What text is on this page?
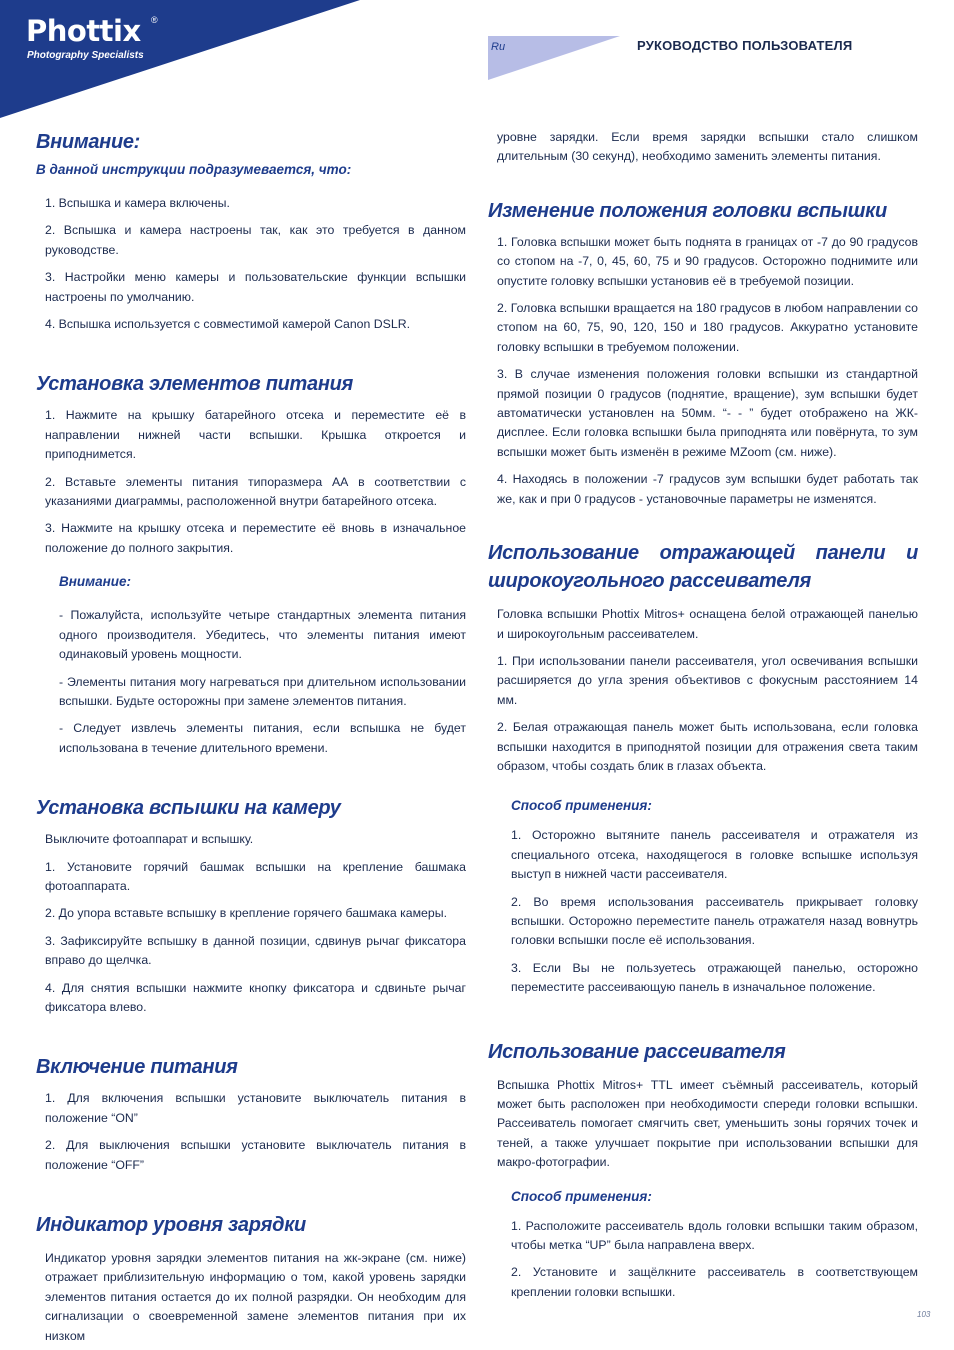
Phottix ®
Photography Specialists
Ru	РУКОВОДСТВО ПОЛЬЗОВАТЕЛЯ
Внимание:
В данной инструкции подразумевается, что:

1. Вспышка и камера включены.

2. Вспышка и камера настроены так, как это требуется в данном руководстве.

3. Настройки меню камеры и пользовательские функции вспышки настроены по умолчанию.

4. Вспышка используется с совместимой камерой Canon DSLR.

Установка элементов питания

1. Нажмите на крышку батарейного отсека и переместите её в направлении нижней части вспышки. Крышка откроется и приподнимется.

2. Вставьте элементы питания типоразмера АА в соответствии с указаниями диаграммы, расположенной внутри батарейного отсека.

3. Нажмите на крышку отсека и переместите её вновь в изначальное положение до полного закрытия.

Внимание:

- Пожалуйста, используйте четыре стандартных элемента питания одного производителя. Убедитесь, что элементы питания имеют одинаковый уровень мощности.

- Элементы питания могу нагреваться при длительном использовании вспышки. Будьте осторожны при замене элементов питания.

- Следует извлечь элементы питания, если вспышка не будет использована в течение длительного времени.

Установка вспышки на камеру

Выключите фотоаппарат и вспышку.

1. Установите горячий башмак вспышки на крепление башмака фотоаппарата.

2. До упора вставьте вспышку в крепление горячего башмака камеры.

3. Зафиксируйте вспышку в данной позиции, сдвинув рычаг фиксатора вправо до щелчка.

4. Для снятия вспышки нажмите кнопку фиксатора и сдвиньте рычаг фиксатора влево.

Включение питания

1. Для включения вспышки установите выключатель питания в положение “ON”

2. Для выключения вспышки установите выключатель питания в положение “OFF”

Индикатор уровня зарядки

Индикатор уровня зарядки элементов питания на жк-экране (см. ниже) отражает приблизительную информацию о том, какой уровень зарядки элементов питания остается до их полной разрядки. Он необходим для сигнализации о своевременной замене элементов питания при их низком

уровне зарядки. Если время зарядки вспышки стало слишком длительным (30 секунд), необходимо заменить элементы питания.

Изменение положения головки вспышки

1. Головка вспышки может быть поднята в границах от -7 до 90 градусов со стопом на -7, 0, 45, 60, 75 и 90 градусов. Осторожно поднимите или опустите головку вспышки установив её в требуемой позиции.

2. Головка вспышки вращается на 180 градусов в любом направлении со стопом на 60, 75, 90, 120, 150 и 180 градусов. Аккуратно установите головку вспышки в требуемом положении.

3. В случае изменения положения головки вспышки из стандартной прямой позиции 0 градусов (поднятие, вращение), зум вспышки будет автоматически установлен на 50мм. “- - ” будет отображено на ЖК-дисплее. Если головка вспышки была приподнята или повёрнута, то зум вспышки может быть изменён в режиме MZoom (см. ниже).

4. Находясь в положении -7 градусов зум вспышки будет работать так же, как и при 0 градусов - установочные параметры не изменятся.

Использование отражающей панели и широкоугольного рассеивателя

Головка вспышки Phottix Mitros+ оснащена белой отражающей панелью и широкоугольным рассеивателем.

1. При использовании панели рассеивателя, угол освечивания вспышки расширяется до угла зрения объективов с фокусным расстоянием 14 мм.

2. Белая отражающая панель может быть использована, если головка вспышки находится в приподнятой позиции для отражения света таким образом, чтобы создать блик в глазах объекта.

Способ применения:

1. Осторожно вытяните панель рассеивателя и отражателя из специального отсека, находящегося в головке вспышке используя выступ в нижней части рассеивателя.

2. Во время использования рассеиватель прикрывает головку вспышки. Осторожно переместите панель отражателя назад вовнутрь головки вспышки после её использования.

3. Если Вы не пользуетесь отражающей панелью, осторожно переместите рассеивающую панель в изначальное положение.

Использование рассеивателя

Вспышка Phottix Mitros+ TTL имеет съёмный рассеиватель, который может быть расположен при необходимости спереди головки вспышки. Рассеиватель помогает смягчить свет, уменьшить зоны горячих точек и теней, а также улучшает покрытие при использовании вспышки для макро-фотографии.

Способ применения:

1. Расположите рассеиватель вдоль головки вспышки таким образом, чтобы метка “UP” была направлена вверх.

2. Установите и защёлкните рассеиватель в соответствующем креплении головки вспышки.

103
